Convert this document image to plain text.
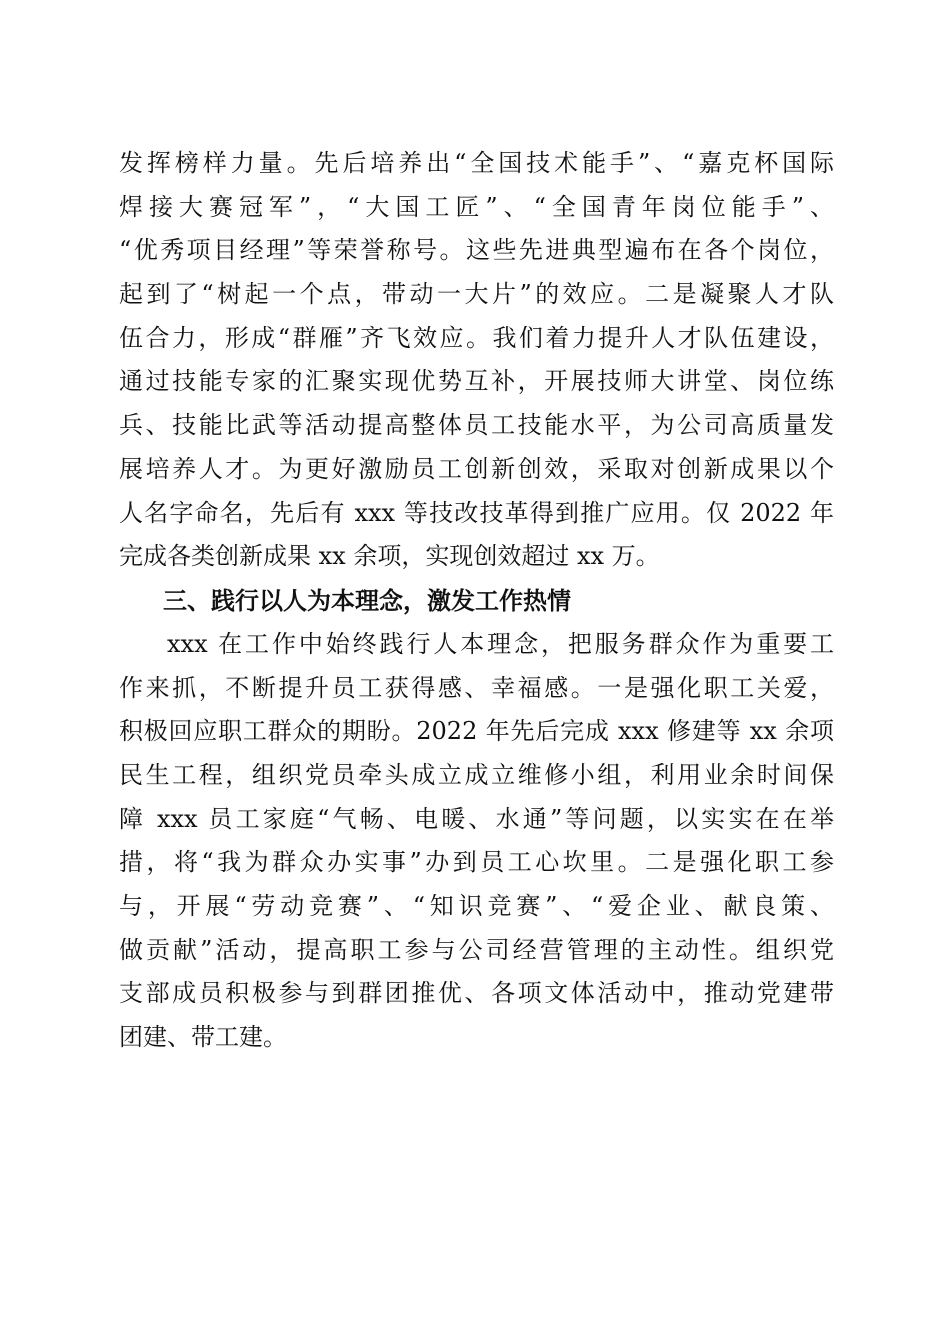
发挥榜样力量。先后培养出“全国技术能手”、“嘉克杯国际
焊接大赛冠军”，“大国工匠”、“全国青年岗位能手”、
“优秀项目经理”等荣誉称号。这些先进典型遍布在各个岗位，
起到了“树起一个点，带动一大片”的效应。二是凝聚人才队
伍合力，形成“群雁”齐飞效应。我们着力提升人才队伍建设，
通过技能专家的汇聚实现优势互补，开展技师大讲堂、岗位练
兵、技能比武等活动提高整体员工技能水平，为公司高质量发
展培养人才。为更好激励员工创新创效，采取对创新成果以个
人名字命名，先后有 xxx 等技改技革得到推广应用。仅 2022 年
完成各类创新成果 xx 余项，实现创效超过 xx 万。
三、践行以人为本理念，激发工作热情
xxx 在工作中始终践行人本理念，把服务群众作为重要工
作来抓，不断提升员工获得感、幸福感。一是强化职工关爱，
积极回应职工群众的期盼。2022 年先后完成 xxx 修建等 xx 余项
民生工程，组织党员牵头成立成立维修小组，利用业余时间保
障 xxx 员工家庭“气畅、电暖、水通”等问题，以实实在在举
措，将“我为群众办实事”办到员工心坎里。二是强化职工参
与，开展“劳动竞赛”、“知识竞赛”、“爱企业、献良策、
做贡献”活动，提高职工参与公司经营管理的主动性。组织党
支部成员积极参与到群团推优、各项文体活动中，推动党建带
团建、带工建。
